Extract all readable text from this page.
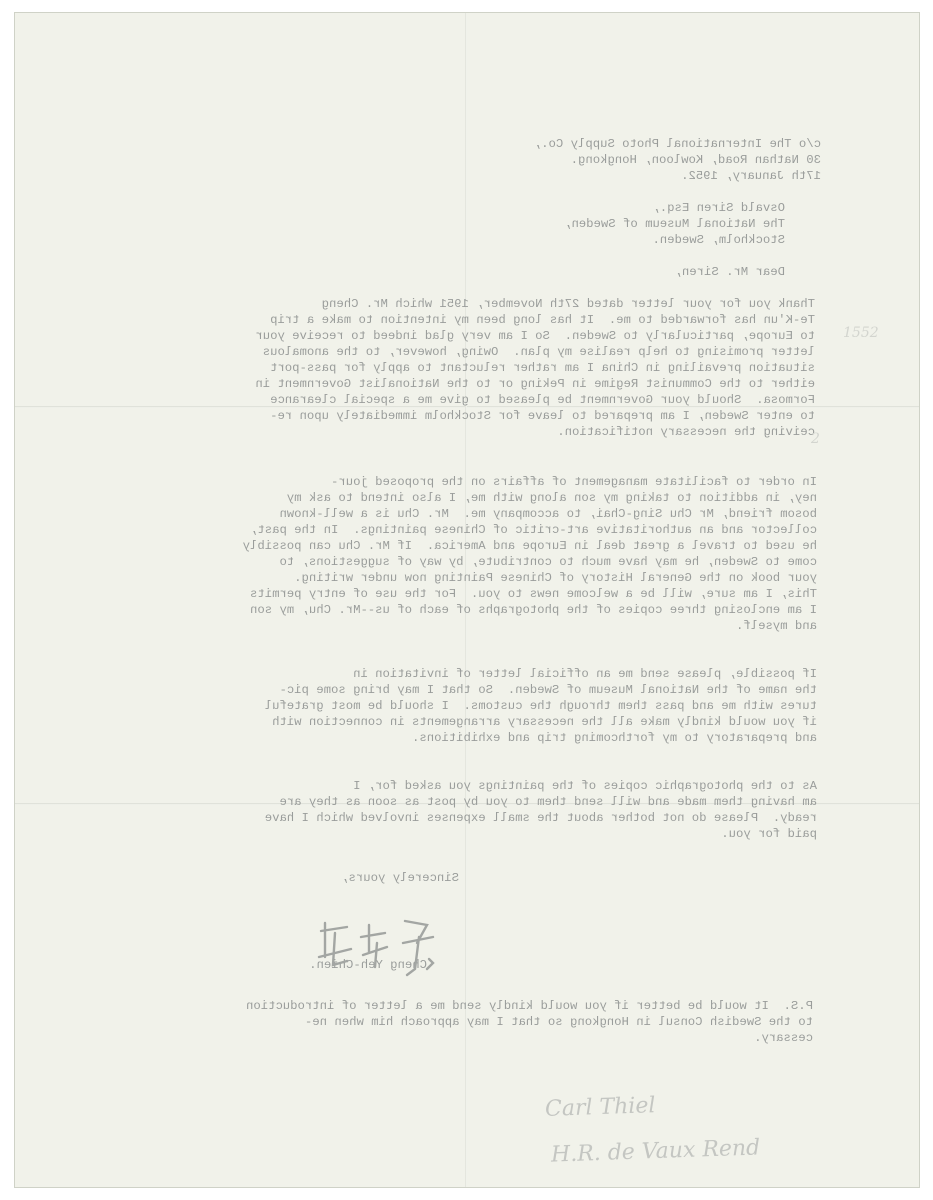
c/o The International Photo Supply Co.,
30 Nathan Road, Kowloon, Hongkong.
17th January, 1952.
Osvald Siren Esq.,
The National Museum of Sweden,
Stockholm, Sweden.
Dear Mr. Siren,
Thank you for your letter dated 27th November, 1951 which Mr. Cheng
Te-K'un has forwarded to me.  It has long been my intention to make a trip
to Europe, particularly to Sweden.  So I am very glad indeed to receive your
letter promising to help realise my plan.  Owing, however, to the anomalous
situation prevailing in China I am rather reluctant to apply for pass-port
either to the Communist Regime in Peking or to the Nationalist Government in
Formosa.  Should your Government be pleased to give me a special clearance
to enter Sweden, I am prepared to leave for Stockholm immediately upon re-
ceiving the necessary notification.
In order to facilitate management of affairs on the proposed jour-
ney, in addition to taking my son along with me, I also intend to ask my
bosom friend, Mr Chu Sing-Chai, to accompany me.  Mr. Chu is a well-known
collector and an authoritative art-critic of Chinese paintings.  In the past,
he used to travel a great deal in Europe and America.  If Mr. Chu can possibly
come to Sweden, he may have much to contribute, by way of suggestions, to
your book on the General History of Chinese Painting now under writing.
This, I am sure, will be a welcome news to you.  For the use of entry permits
I am enclosing three copies of the photographs of each of us--Mr. Chu, my son
and myself.
If possible, please send me an official letter of invitation in
the name of the National Museum of Sweden.  So that I may bring some pic-
tures with me and pass them through the customs.  I should be most grateful
if you would kindly make all the necessary arrangements in connection with
and preparatory to my forthcoming trip and exhibitions.
As to the photographic copies of the paintings you asked for, I
am having them made and will send them to you by post as soon as they are
ready.  Please do not bother about the small expenses involved which I have
paid for you.
Sincerely yours,
Cheng Yeh-Chien.
P.S.  It would be better if you would kindly send me a letter of introduction
to the Swedish Consul in Hongkong so that I may approach him when ne-
cessary.
Carl Thiel
H.R. de Vaux Rend
1552
2
